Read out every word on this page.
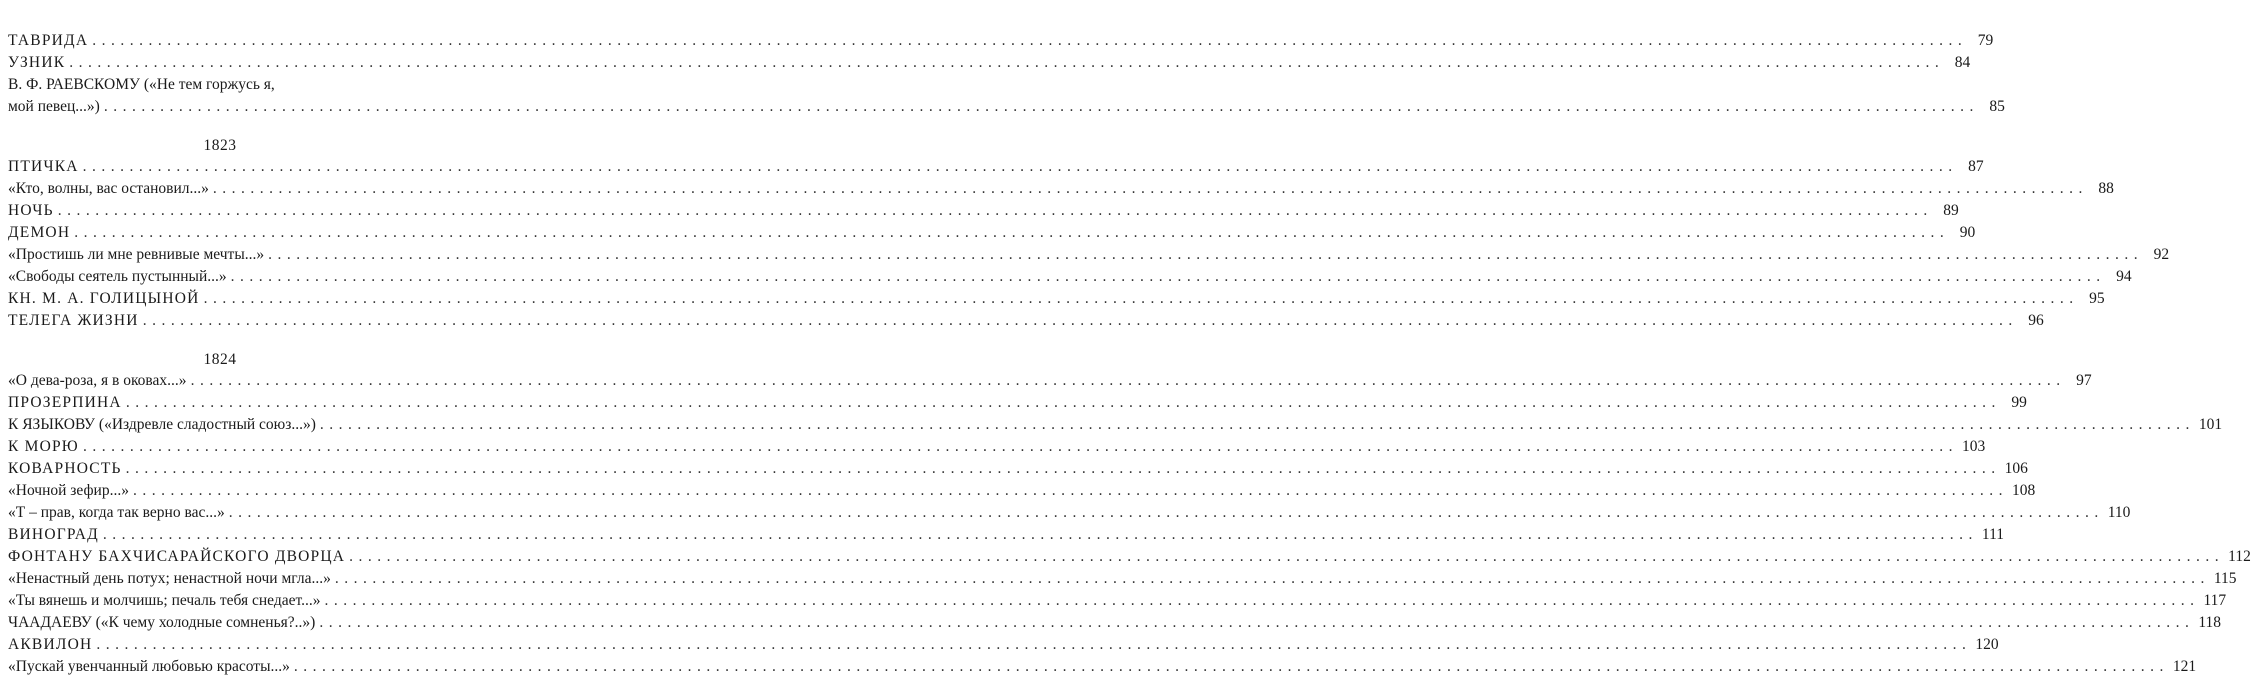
ТАВРИДА ........................................................................................................................................................................................................ 79
УЗНИК ........................................................................................................................................................................................................ 84
В. Ф. РАЕВСКОМУ («Не тем горжусь я,
мой певец...») ........................................................................................................................................................................................................ 85
1823
ПТИЧКА ........................................................................................................................................................................................................ 87
«Кто, волны, вас остановил...» ........................................................................................................................................................................................................ 88
НОЧЬ ........................................................................................................................................................................................................ 89
ДЕМОН ........................................................................................................................................................................................................ 90
«Простишь ли мне ревнивые мечты...» ........................................................................................................................................................................................................ 92
«Свободы сеятель пустынный...» ........................................................................................................................................................................................................ 94
КН. М. А. ГОЛИЦЫНОЙ ........................................................................................................................................................................................................ 95
ТЕЛЕГА ЖИЗНИ ........................................................................................................................................................................................................ 96
1824
«О дева-роза, я в оковах...» ........................................................................................................................................................................................................ 97
ПРОЗЕРПИНА ........................................................................................................................................................................................................ 99
К ЯЗЫКОВУ («Издревле сладостный союз...») ........................................................................................................................................................................................................ 101
К МОРЮ ........................................................................................................................................................................................................ 103
КОВАРНОСТЬ ........................................................................................................................................................................................................ 106
«Ночной зефир...» ........................................................................................................................................................................................................ 108
«Т – прав, когда так верно вас...» ........................................................................................................................................................................................................ 110
ВИНОГРАД ........................................................................................................................................................................................................ 111
ФОНТАНУ БАХЧИСАРАЙСКОГО ДВОРЦА ........................................................................................................................................................................................................ 112
«Ненастный день потух; ненастной ночи мгла...» ........................................................................................................................................................................................................ 115
«Ты вянешь и молчишь; печаль тебя снедает...» ........................................................................................................................................................................................................ 117
ЧААДАЕВУ («К чему холодные сомненья?..») ........................................................................................................................................................................................................ 118
АКВИЛОН ........................................................................................................................................................................................................ 120
«Пускай увенчанный любовью красоты...» ........................................................................................................................................................................................................ 121
